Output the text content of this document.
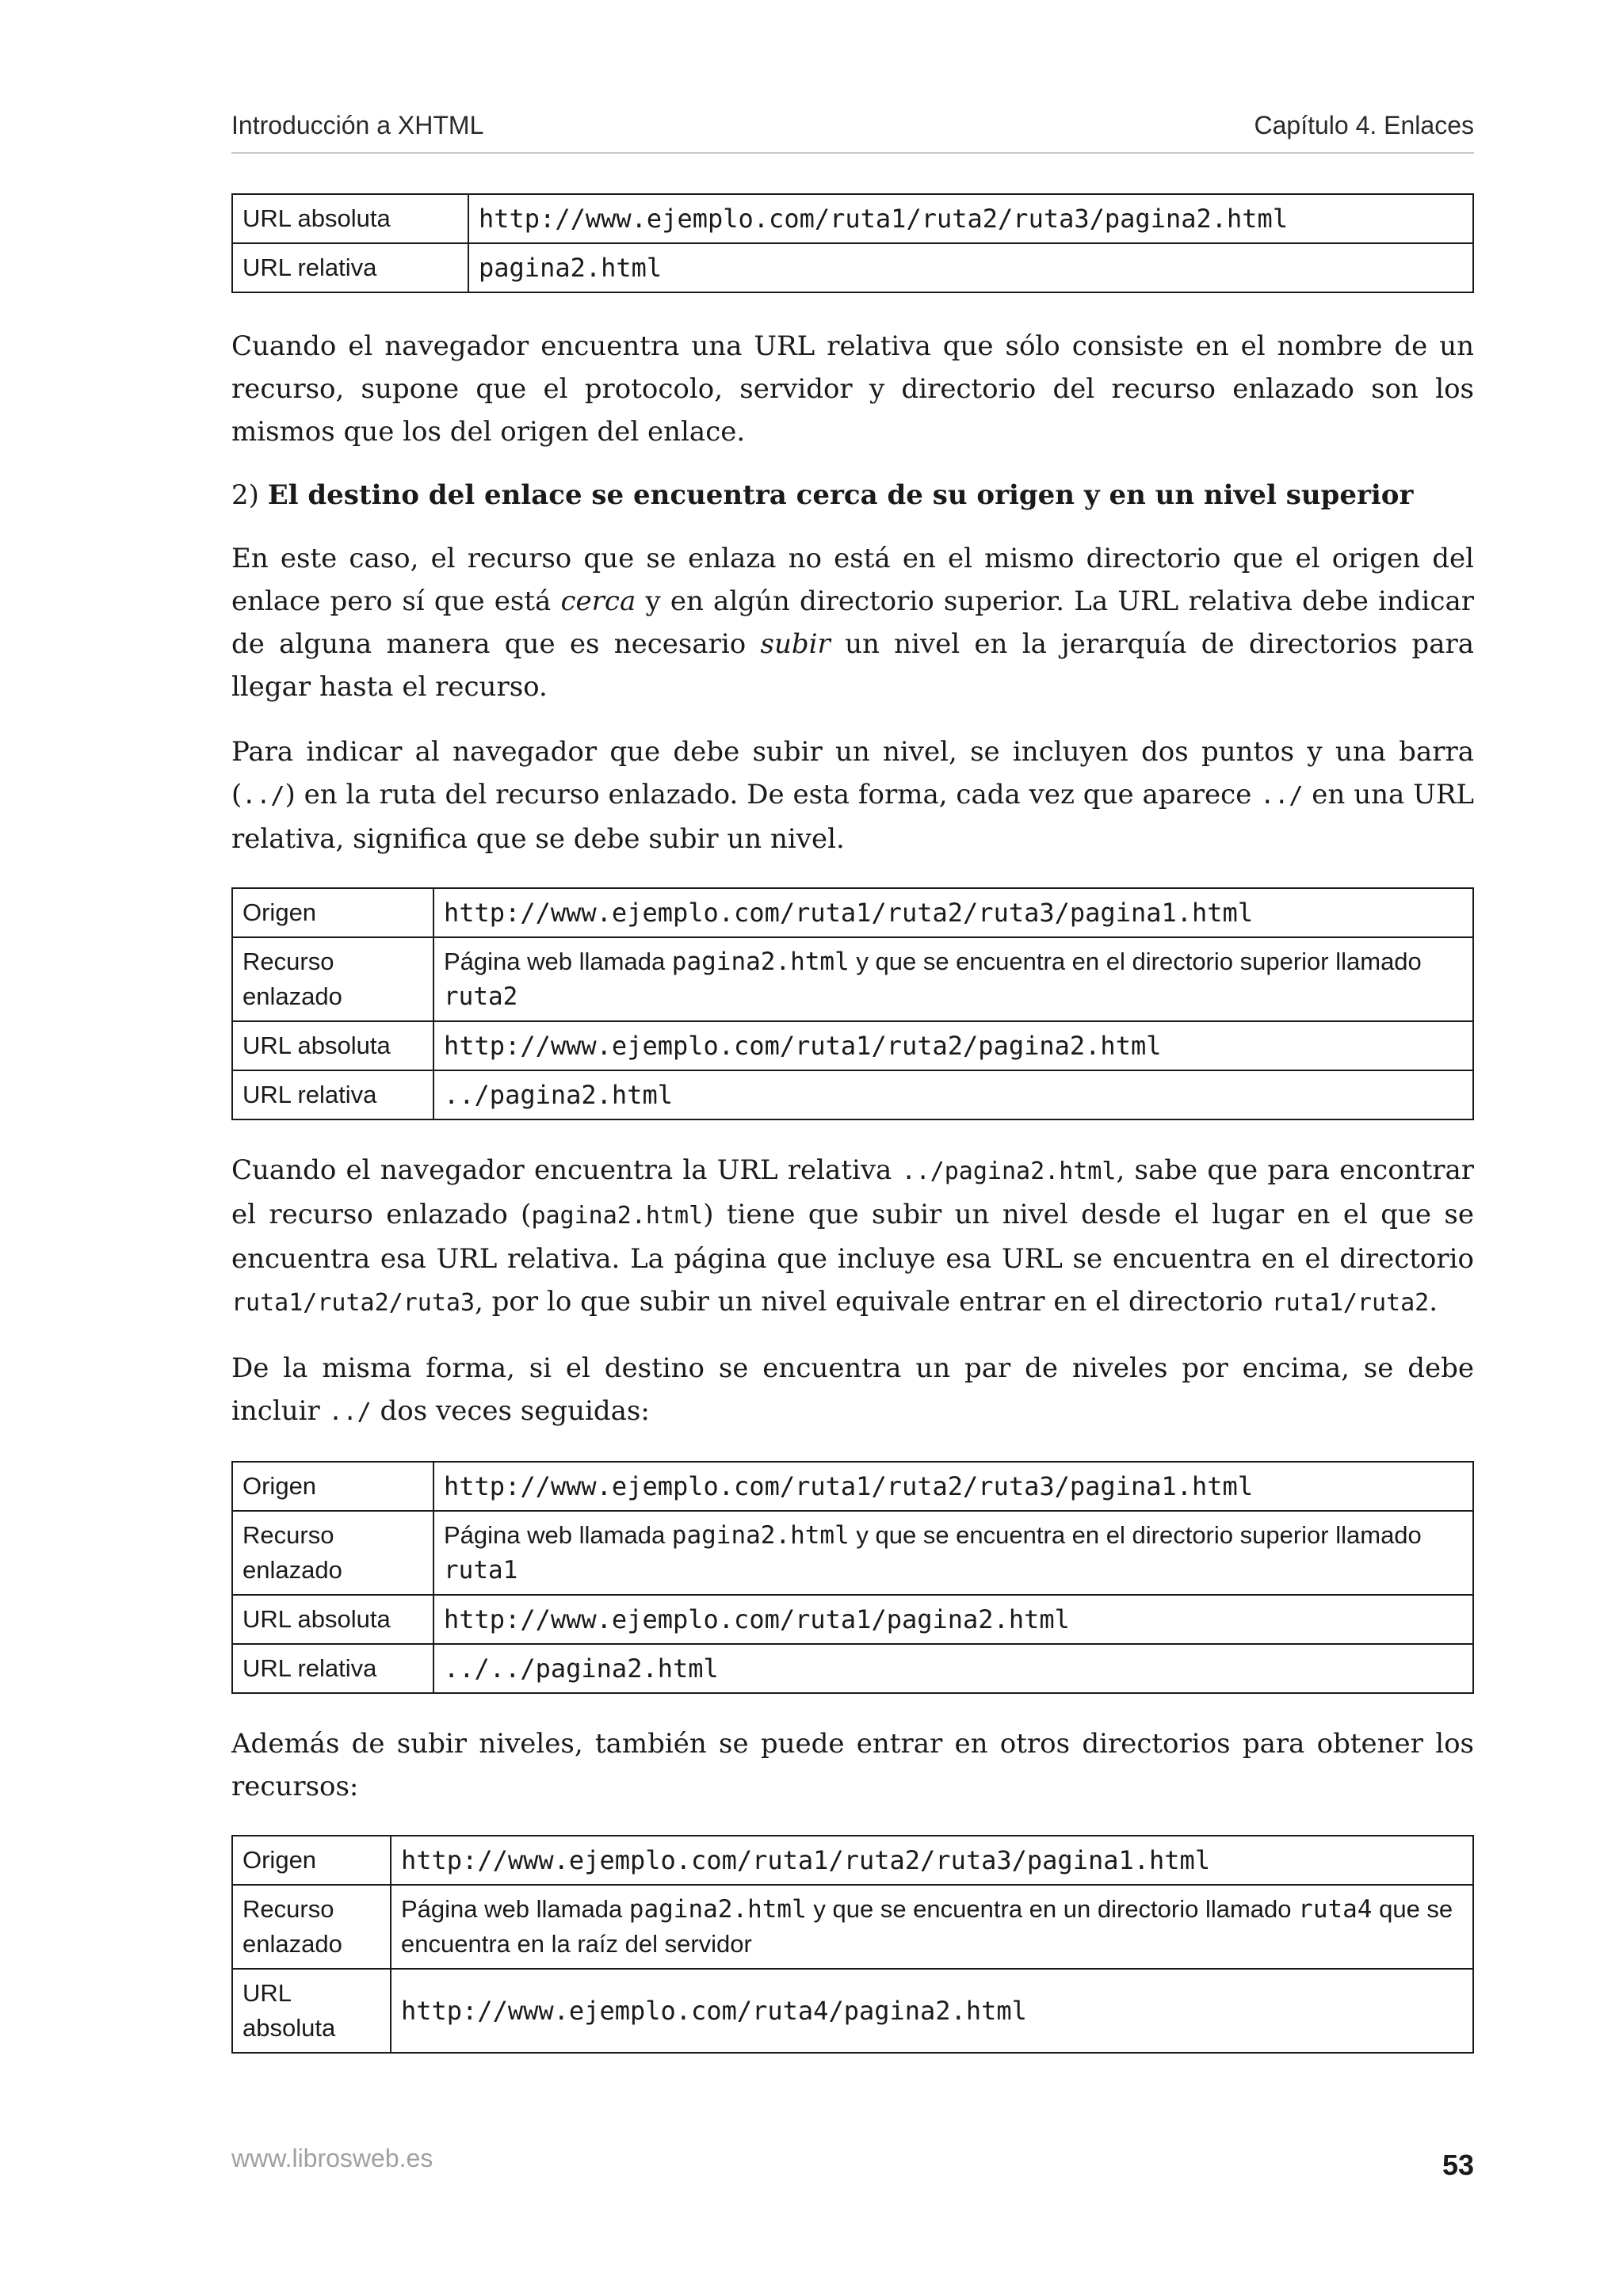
Introducción a XHTML	Capítulo 4. Enlaces
URL absoluta	http://www.ejemplo.com/ruta1/ruta2/ruta3/pagina2.html
URL relativa	pagina2.html

Cuando el navegador encuentra una URL relativa que sólo consiste en el nombre de un recurso, supone que el protocolo, servidor y directorio del recurso enlazado son los mismos que los del origen del enlace.

2) El destino del enlace se encuentra cerca de su origen y en un nivel superior

En este caso, el recurso que se enlaza no está en el mismo directorio que el origen del enlace pero sí que está cerca y en algún directorio superior. La URL relativa debe indicar de alguna manera que es necesario subir un nivel en la jerarquía de directorios para llegar hasta el recurso.

Para indicar al navegador que debe subir un nivel, se incluyen dos puntos y una barra (../) en la ruta del recurso enlazado. De esta forma, cada vez que aparece ../ en una URL relativa, significa que se debe subir un nivel.

Origen	http://www.ejemplo.com/ruta1/ruta2/ruta3/pagina1.html
Recurso enlazado	Página web llamada pagina2.html y que se encuentra en el directorio superior llamado ruta2
URL absoluta	http://www.ejemplo.com/ruta1/ruta2/pagina2.html
URL relativa	../pagina2.html

Cuando el navegador encuentra la URL relativa ../pagina2.html, sabe que para encontrar el recurso enlazado (pagina2.html) tiene que subir un nivel desde el lugar en el que se encuentra esa URL relativa. La página que incluye esa URL se encuentra en el directorio ruta1/ruta2/ruta3, por lo que subir un nivel equivale entrar en el directorio ruta1/ruta2.

De la misma forma, si el destino se encuentra un par de niveles por encima, se debe incluir ../ dos veces seguidas:

Origen	http://www.ejemplo.com/ruta1/ruta2/ruta3/pagina1.html
Recurso enlazado	Página web llamada pagina2.html y que se encuentra en el directorio superior llamado ruta1
URL absoluta	http://www.ejemplo.com/ruta1/pagina2.html
URL relativa	../../pagina2.html

Además de subir niveles, también se puede entrar en otros directorios para obtener los recursos:

Origen	http://www.ejemplo.com/ruta1/ruta2/ruta3/pagina1.html
Recurso enlazado	Página web llamada pagina2.html y que se encuentra en un directorio llamado ruta4 que se encuentra en la raíz del servidor
URL absoluta	http://www.ejemplo.com/ruta4/pagina2.html
www.librosweb.es	53
